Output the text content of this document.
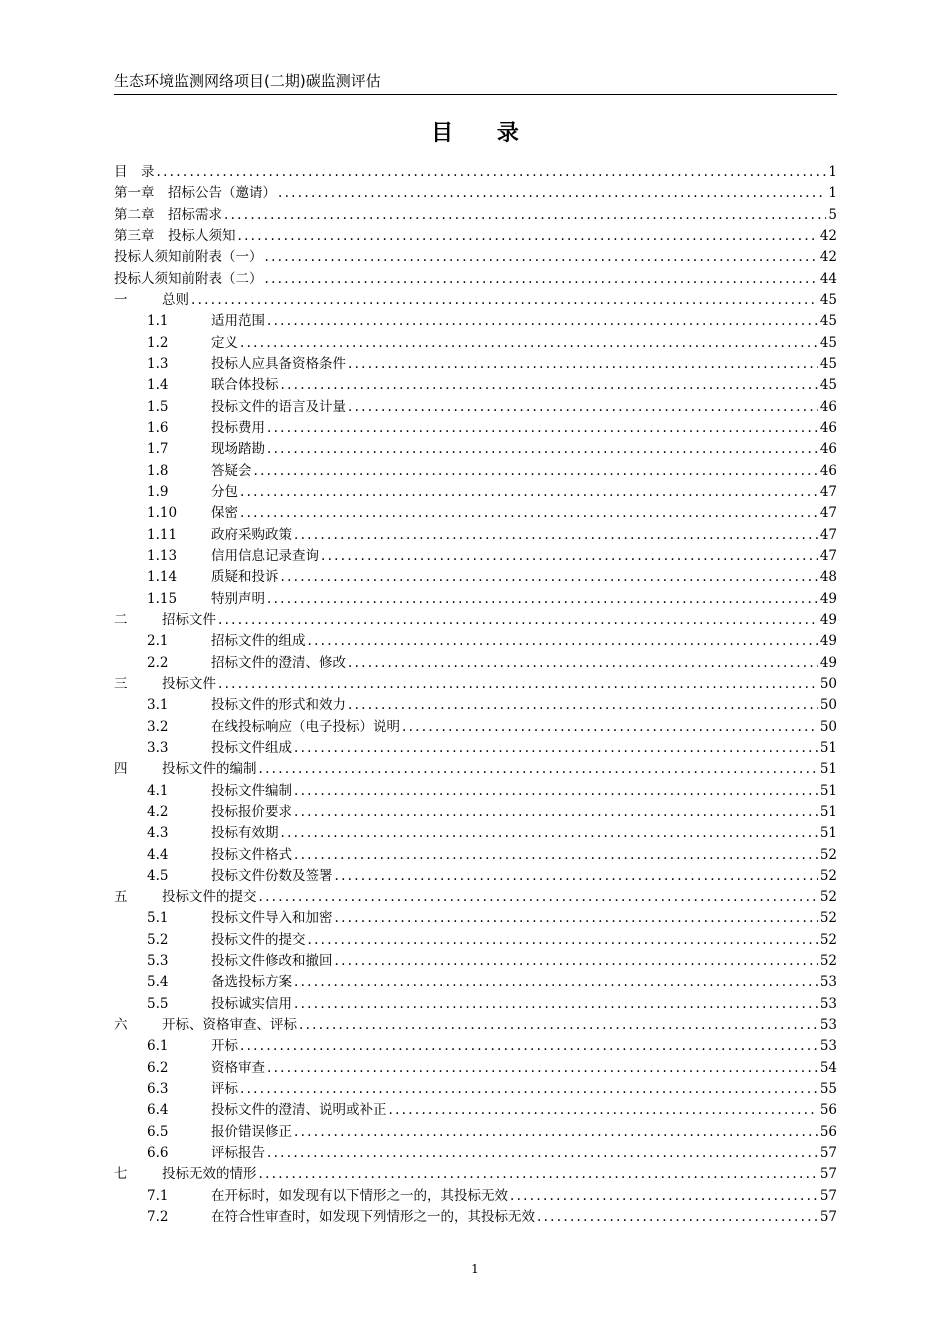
生态环境监测网络项目(二期)碳监测评估
目 录
目　录 .....	1
第一章　招标公告（邀请） .....	1
第二章　招标需求 .....	5
第三章　投标人须知 .....	42
投标人须知前附表（一） .....	42
投标人须知前附表（二） .....	44
一	总则 .....	45
1.1	适用范围 .....	45
1.2	定义 .....	45
1.3	投标人应具备资格条件 .....	45
1.4	联合体投标 .....	45
1.5	投标文件的语言及计量 .....	46
1.6	投标费用 .....	46
1.7	现场踏勘 .....	46
1.8	答疑会 .....	46
1.9	分包 .....	47
1.10	保密 .....	47
1.11	政府采购政策 .....	47
1.13	信用信息记录查询 .....	47
1.14	质疑和投诉 .....	48
1.15	特别声明 .....	49
二	招标文件 .....	49
2.1	招标文件的组成 .....	49
2.2	招标文件的澄清、修改 .....	49
三	投标文件 .....	50
3.1	投标文件的形式和效力 .....	50
3.2	在线投标响应（电子投标）说明 .....	50
3.3	投标文件组成 .....	51
四	投标文件的编制 .....	51
4.1	投标文件编制 .....	51
4.2	投标报价要求 .....	51
4.3	投标有效期 .....	51
4.4	投标文件格式 .....	52
4.5	投标文件份数及签署 .....	52
五	投标文件的提交 .....	52
5.1	投标文件导入和加密 .....	52
5.2	投标文件的提交 .....	52
5.3	投标文件修改和撤回 .....	52
5.4	备选投标方案 .....	53
5.5	投标诚实信用 .....	53
六	开标、资格审查、评标 .....	53
6.1	开标 .....	53
6.2	资格审查 .....	54
6.3	评标 .....	55
6.4	投标文件的澄清、说明或补正 .....	56
6.5	报价错误修正 .....	56
6.6	评标报告 .....	57
七	投标无效的情形 .....	57
7.1	在开标时，如发现有以下情形之一的，其投标无效 .....	57
7.2	在符合性审查时，如发现下列情形之一的，其投标无效 .....	57
1
